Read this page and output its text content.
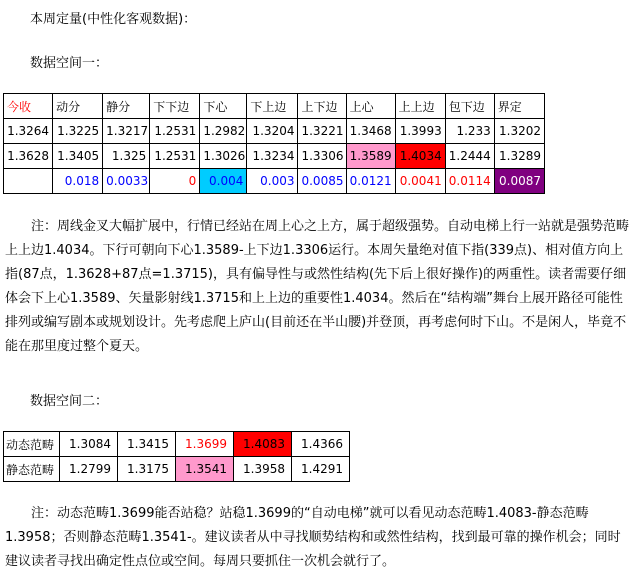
本周定量(中性化客观数据)：
数据空间一：
今收	动分	静分	下下边	下心	下上边	上下边	上心	上上边	包下边	界定
1.3264	1.3225	1.3217	1.2531	1.2982	1.3204	1.3221	1.3468	1.3993	1.233	1.3202
1.3628	1.3405	1.325	1.2531	1.3026	1.3234	1.3306	1.3589	1.4034	1.2444	1.3289
	0.018	0.0033	0	0.004	0.003	0.0085	0.0121	0.0041	0.0114	0.0087
注：周线金叉大幅扩展中，行情已经站在周上心之上方，属于超级强势。自动电梯上行一站就是强势范畴上上边1.4034。下行可朝向下心1.3589-上下边1.3306运行。本周矢量绝对值下指(339点)、相对值方向上指(87点，1.3628+87点=1.3715)，具有偏导性与或然性结构(先下后上很好操作)的两重性。读者需要仔细体会下上心1.3589、矢量影射线1.3715和上上边的重要性1.4034。然后在“结构端”舞台上展开路径可能性排列或编写剧本或规划设计。先考虑爬上庐山(目前还在半山腰)并登顶，再考虑何时下山。不是闲人，毕竟不能在那里度过整个夏天。
数据空间二：
动态范畴	1.3084	1.3415	1.3699	1.4083	1.4366
静态范畴	1.2799	1.3175	1.3541	1.3958	1.4291
注：动态范畴1.3699能否站稳？站稳1.3699的“自动电梯”就可以看见动态范畴1.4083-静态范畴1.3958；否则静态范畴1.3541-。建议读者从中寻找顺势结构和或然性结构，找到最可靠的操作机会；同时建议读者寻找出确定性点位或空间。每周只要抓住一次机会就行了。
